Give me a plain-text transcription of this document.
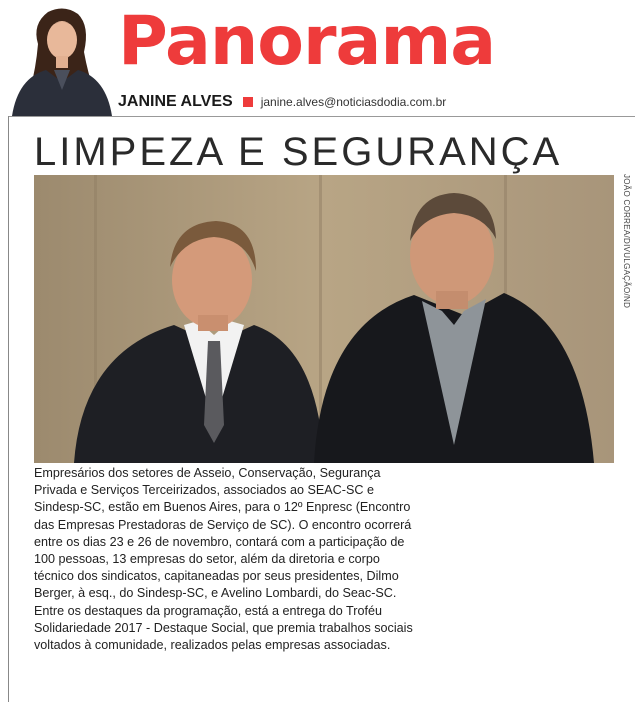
Panorama
JANINE ALVES janine.alves@noticiasdodia.com.br
LIMPEZA E SEGURANÇA
JOÃO CORREA/DIVULGAÇÃO/ND

Empresários dos setores de Asseio, Conservação, Segurança Privada e Serviços Terceirizados, associados ao SEAC-SC e Sindesp-SC, estão em Buenos Aires, para o 12º Enpresc (Encontro das Empresas Prestadoras de Serviço de SC). O encontro ocorrerá entre os dias 23 e 26 de novembro, contará com a participação de 100 pessoas, 13 empresas do setor, além da diretoria e corpo técnico dos sindicatos, capitaneadas por seus presidentes, Dilmo Berger, à esq., do Sindesp-SC, e Avelino Lombardi, do Seac-SC. Entre os destaques da programação, está a entrega do Troféu Solidariedade 2017 - Destaque Social, que premia trabalhos sociais voltados à comunidade, realizados pelas empresas associadas.
